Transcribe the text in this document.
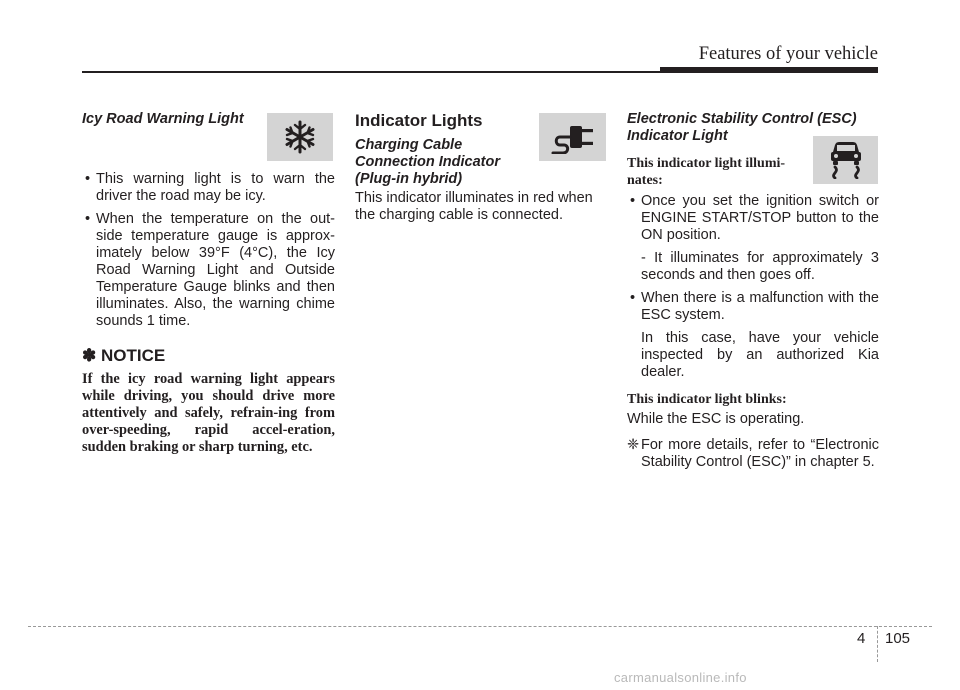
Features of your vehicle
Icy Road Warning Light
• This warning light is to warn the driver the road may be icy.
• When the temperature on the out-side temperature gauge is approx-imately below 39°F (4°C), the Icy Road Warning Light and Outside Temperature Gauge blinks and then illuminates. Also, the warning chime sounds 1 time.
✽ NOTICE
If the icy road warning light appears while driving, you should drive more attentively and safely, refrain-ing from over-speeding, rapid accel-eration, sudden braking or sharp turning, etc.
Indicator Lights
Charging Cable
Connection Indicator
(Plug-in hybrid)
This indicator illuminates in red when the charging cable is connected.
Electronic Stability Control (ESC)
Indicator Light
This indicator light illumi-
nates:
• Once you set the ignition switch or ENGINE START/STOP button to the ON position.
- It illuminates for approximately 3 seconds and then goes off.
• When there is a malfunction with the ESC system.
In this case, have your vehicle inspected by an authorized Kia dealer.
This indicator light blinks:
While the ESC is operating.
❈ For more details, refer to “Electronic Stability Control (ESC)” in chapter 5.
4 105
carmanualsonline.info
